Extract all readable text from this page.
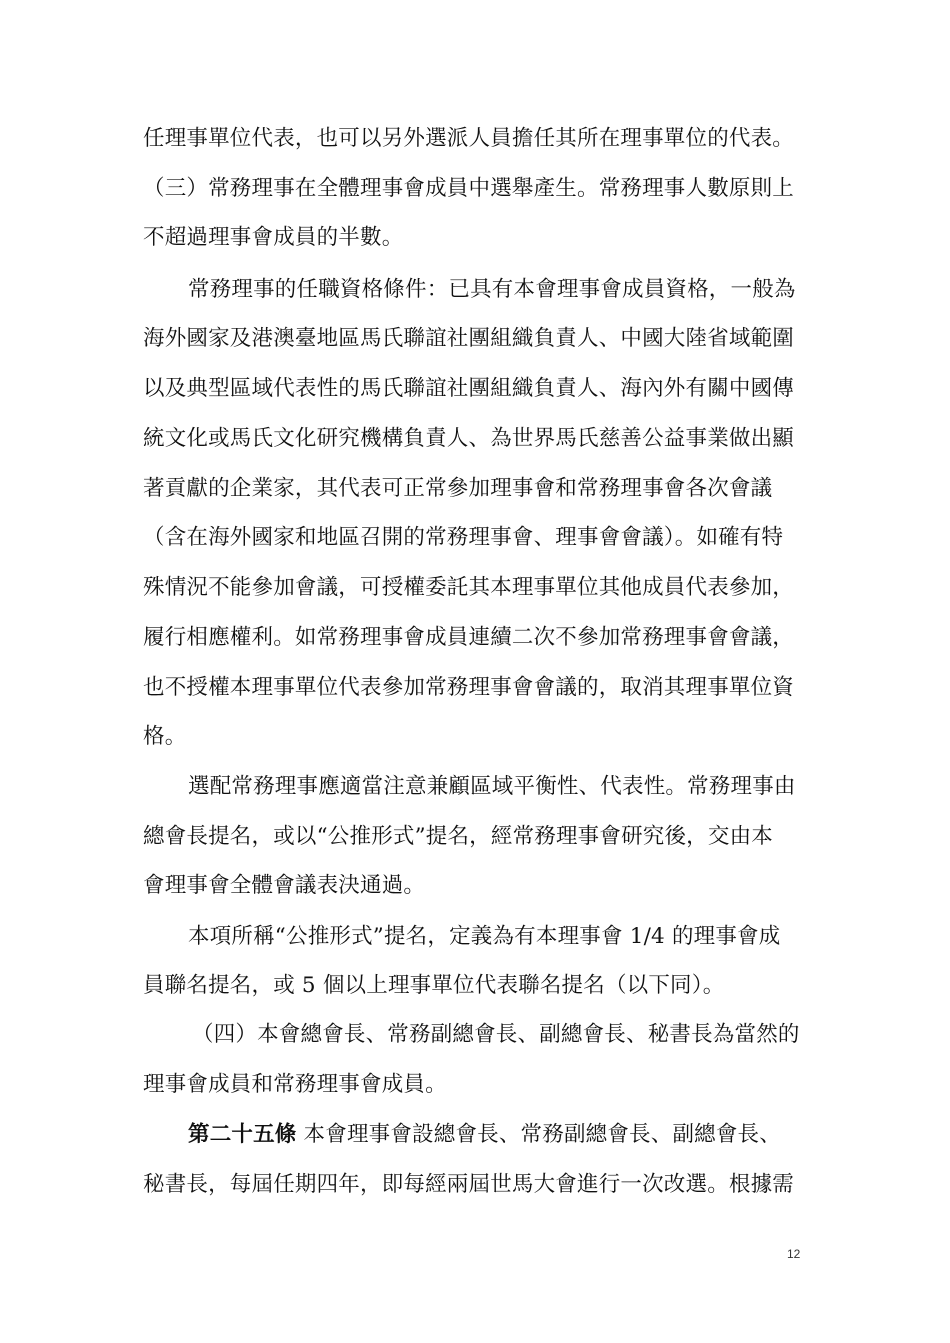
任理事單位代表，也可以另外選派人員擔任其所在理事單位的代表。
（三）常務理事在全體理事會成員中選舉產生。常務理事人數原則上
不超過理事會成員的半數。
常務理事的任職資格條件：已具有本會理事會成員資格，一般為
海外國家及港澳臺地區馬氏聯誼社團組織負責人、中國大陸省域範圍
以及典型區域代表性的馬氏聯誼社團組織負責人、海內外有關中國傳
統文化或馬氏文化研究機構負責人、為世界馬氏慈善公益事業做出顯
著貢獻的企業家，其代表可正常參加理事會和常務理事會各次會議
（含在海外國家和地區召開的常務理事會、理事會會議）。如確有特
殊情況不能參加會議，可授權委託其本理事單位其他成員代表參加，
履行相應權利。如常務理事會成員連續二次不參加常務理事會會議，
也不授權本理事單位代表參加常務理事會會議的，取消其理事單位資
格。
選配常務理事應適當注意兼顧區域平衡性、代表性。常務理事由
總會長提名，或以“公推形式”提名，經常務理事會研究後，交由本
會理事會全體會議表決通過。
本項所稱“公推形式”提名，定義為有本理事會 1/4 的理事會成
員聯名提名，或 5 個以上理事單位代表聯名提名（以下同）。
（四）本會總會長、常務副總會長、副總會長、秘書長為當然的
理事會成員和常務理事會成員。
第二十五條 本會理事會設總會長、常務副總會長、副總會長、
秘書長，每屆任期四年，即每經兩屆世馬大會進行一次改選。根據需
12
